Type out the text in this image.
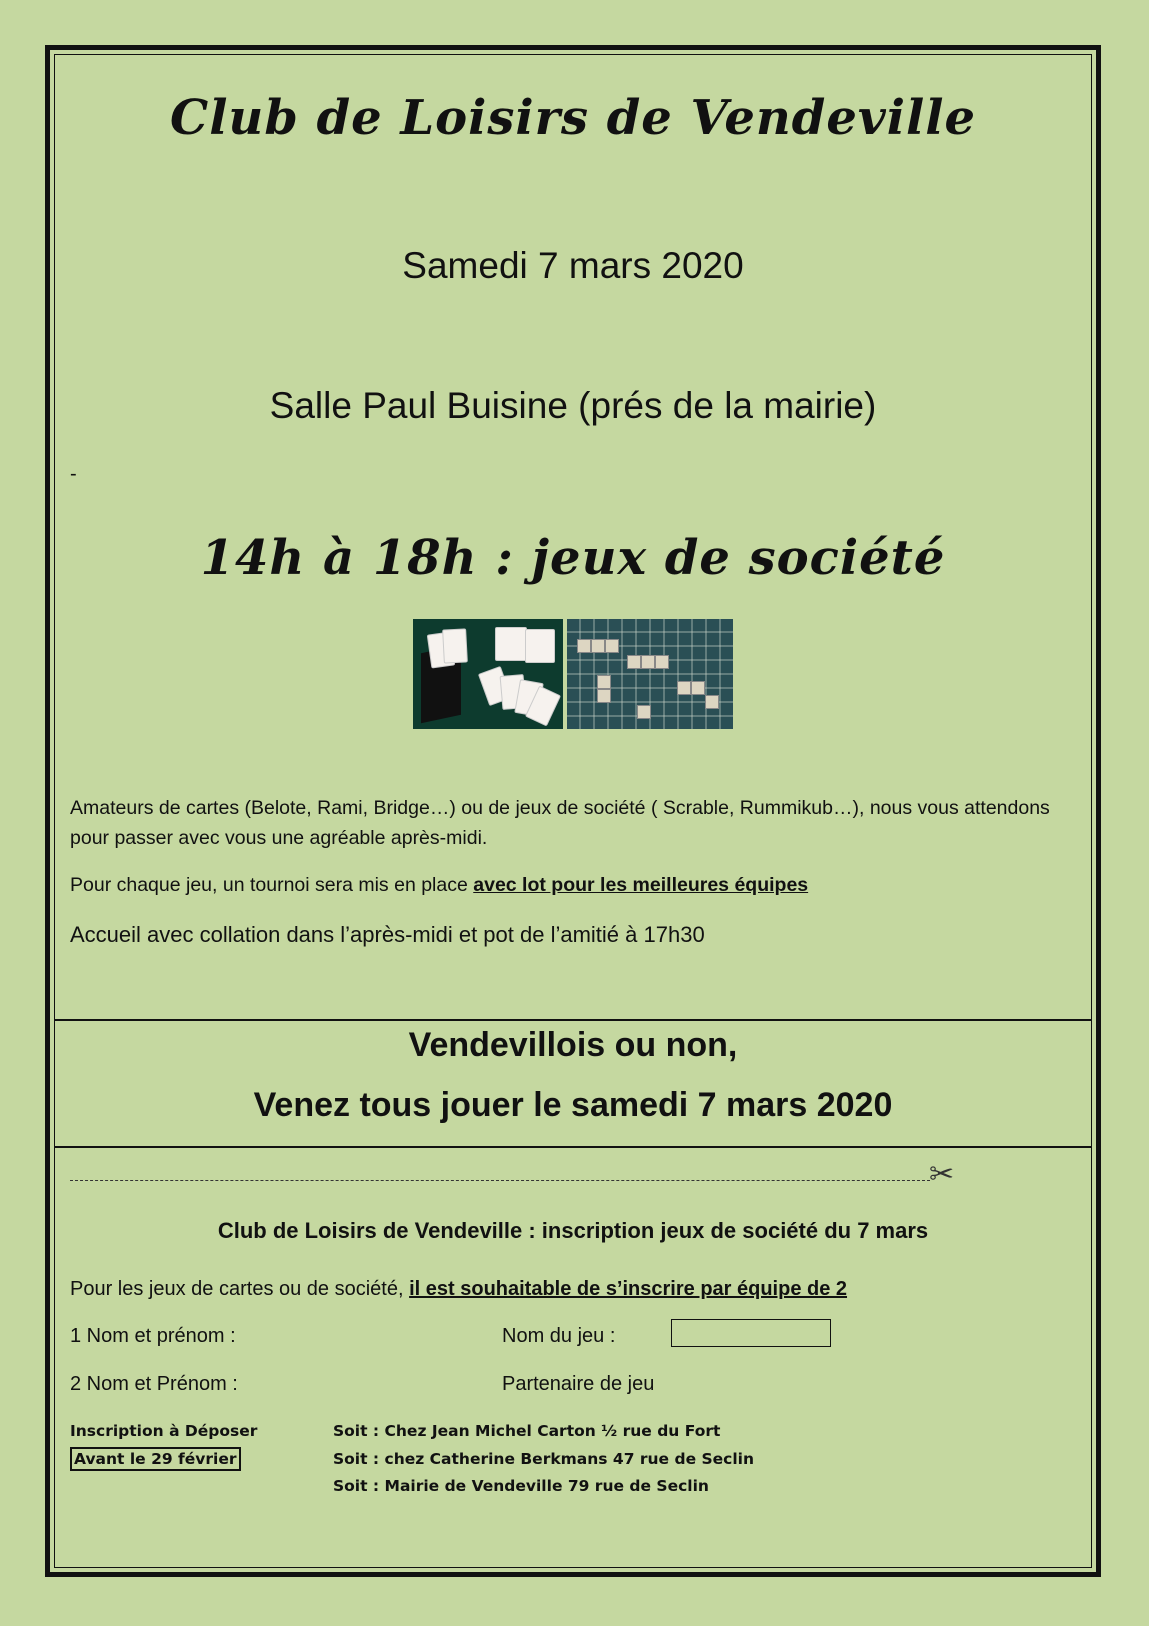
Club de Loisirs de Vendeville
Samedi 7 mars 2020
Salle Paul Buisine (prés de la mairie)
-
14h à 18h : jeux de société
Amateurs de cartes (Belote, Rami, Bridge…) ou de jeux de société ( Scrable, Rummikub…), nous vous attendons pour passer avec vous une agréable après-midi.
Pour chaque jeu, un tournoi sera mis en place avec lot pour les meilleures équipes
Accueil avec collation dans l’après-midi et pot de l’amitié à 17h30
Vendevillois ou non,
Venez tous jouer le samedi 7 mars 2020
✂
Club de Loisirs de Vendeville : inscription jeux de société du 7 mars
Pour les jeux de cartes ou de société, il est souhaitable de s’inscrire par équipe de 2
1 Nom et prénom :
2 Nom et Prénom :
Nom du jeu :
Partenaire de jeu
Inscription à Déposer
Avant le 29 février
Soit : Chez Jean Michel Carton ½ rue du Fort
Soit : chez Catherine Berkmans 47 rue de Seclin
Soit : Mairie de Vendeville 79 rue de Seclin
